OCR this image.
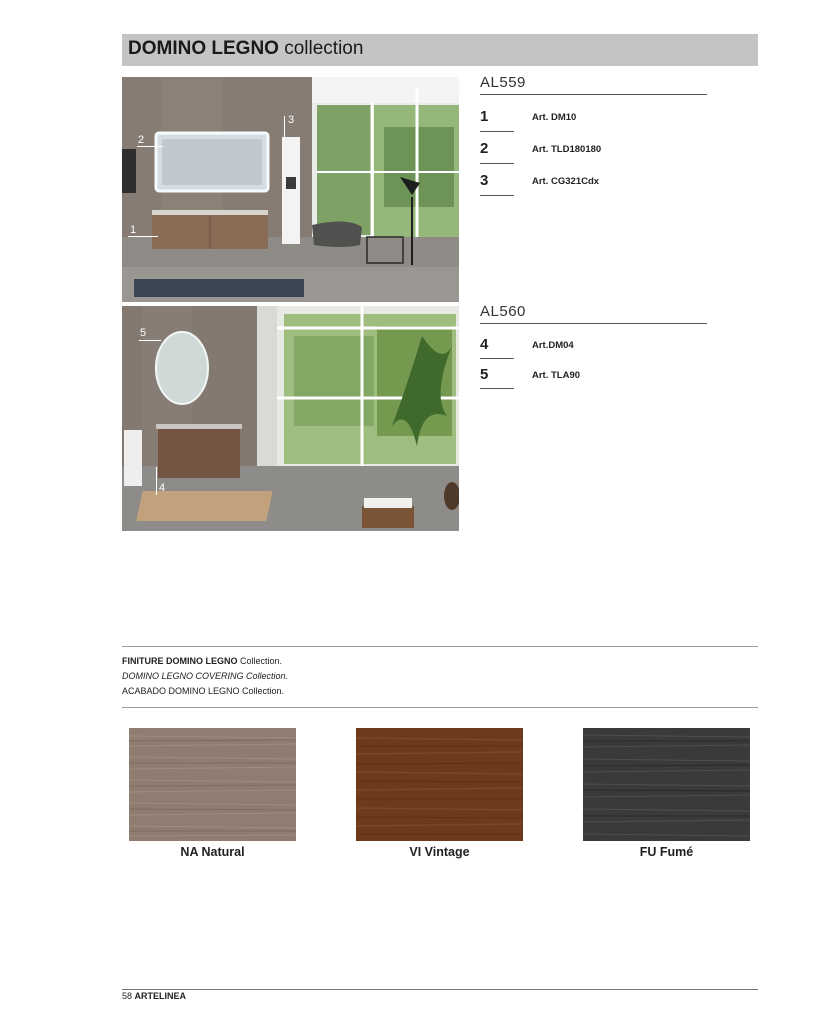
DOMINO LEGNO collection
2
1
3
5
4
AL559
1	Art. DM10
2	Art. TLD180180
3	Art. CG321Cdx
AL560
4	Art.DM04
5	Art. TLA90
FINITURE DOMINO LEGNO Collection.
DOMINO LEGNO COVERING Collection.
ACABADO DOMINO LEGNO Collection.
NA Natural	VI Vintage	FU Fumé
58 ARTELINEA
